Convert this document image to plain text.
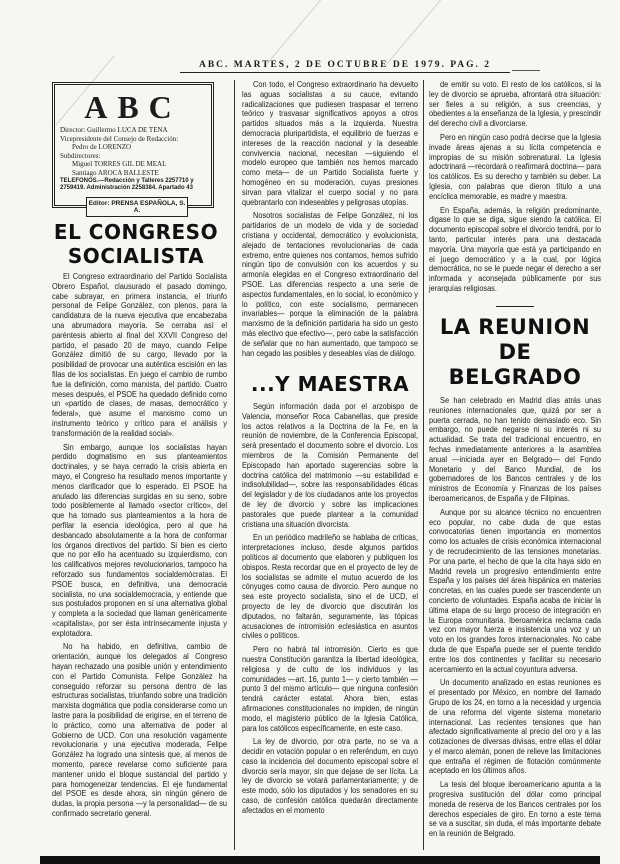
ABC. MARTES, 2 DE OCTUBRE DE 1979. PAG. 2
ABC
Director: Guillermo LUCA DE TENA
Vicepresidente del Consejo de Redacción:
Pedro de LORENZO
Subdirectores:
Miguel TORRES GIL DE MEAL
Santiago AROCA BALLESTE
TELEFONOS.—Redacción y Talleres 2257710 y 2759419. Administración 2258384. Apartado 43
Editor: PRENSA ESPAÑOLA, S. A.
EL CONGRESO
SOCIALISTA

El Congreso extraordinario del Partido Socialista Obrero Español, clausurado el pasado domingo, cabe subrayar, en primera instancia, el triunfo personal de Felipe González, con plenos, para la candidatura de la nueva ejecutiva que encabezaba una abrumadora mayoría. Se cerraba así el paréntesis abierto al final del XXVII Congreso del partido, el pasado 20 de mayo, cuando Felipe González dimitió de su cargo, llevado por la posibilidad de provocar una auténtica escisión en las filas de los socialistas. En juego el cambio de rumbo fue la definición, como marxista, del partido. Cuatro meses después, el PSOE ha quedado definido como un «partido de clases, de masas, democrático y federal», que asume el marxismo como un instrumento teórico y crítico para el análisis y transformación de la realidad social».

Sin embargo, aunque los socialistas hayan perdido dogmatismo en sus planteamientos doctrinales, y se haya cerrado la crisis abierta en mayo, el Congreso ha resultado menos importante y menos clarificador que lo esperado. El PSOE ha anulado las diferencias surgidas en su seno, sobre todo posiblemente al llamado «sector crítico», del que ha tomado sus planteamientos a la hora de perfilar la esencia ideológica, pero al que ha desbancado absolutamente a la hora de conformar los órganos directivos del partido. Si bien es cierto que no por ello ha acentuado su izquierdismo, con los calificativos mejores revolucionarios, tampoco ha reforzado sus fundamentos socialdemócratas. El PSOE busca, en definitiva, una democracia socialista, no una socialdemocracia, y entiende que sus postulados proponen en sí una alternativa global y completa a la sociedad que llaman genéricamente «capitalista», por ser ésta intrínsecamente injusta y explotadora.

No ha habido, en definitiva, cambio de orientación, aunque los delegados al Congreso hayan rechazado una posible unión y entendimiento con el Partido Comunista. Felipe González ha conseguido reforzar su persona dentro de las estructuras socialistas, triunfando sobre una tradición marxista dogmática que podía considerarse como un lastre para la posibilidad de erigirse, en el terreno de lo práctico, como una alternativa de poder al Gobierno de UCD. Con una resolución vagamente revolucionaria y una ejecutiva moderada, Felipe González ha logrado una síntesis que, al menos de momento, parece revelarse como suficiente para mantener unido el bloque sustancial del partido y para homogeneizar tendencias. El eje fundamental del PSOE es desde ahora, sin ningún género de dudas, la propia persona —y la personalidad— de su confirmado secretario general.

Con todo, el Congreso extraordinario ha devuelto las aguas socialistas a su cauce, evitando radicalizaciones que pudiesen traspasar el terreno teórico y trasvasar significativos apoyos a otros partidos situados más a la izquierda. Nuestra democracia pluripartidista, el equilibrio de fuerzas e intereses de la reacción nacional y la deseable convivencia nacional, necesitan —siguiendo el modelo europeo que también nos hemos marcado como meta— de un Partido Socialista fuerte y homogéneo en su moderación, cuyas presiones sirvan para vitalizar el cuerpo social y no para quebrantarlo con indeseables y peligrosas utopías.

Nosotros socialistas de Felipe González, ni los partidarios de un modelo de vida y de sociedad cristiana y occidental, democrático y evolucionista, alejado de tentaciones revolucionarias de cada extremo, entre quienes nos contamos, hemos sufrido ningún tipo de convulsión con los acuerdos y su armonía elegidas en el Congreso extraordinario del PSOE. Las diferencias respecto a una serie de aspectos fundamentales, en lo social, lo económico y lo político, con este socialismo, permanecen invariables— porque la eliminación de la palabra marxismo de la definición partidaria ha sido un gesto más electivo que efectivo—, pero cabe la satisfacción de señalar que no han aumentado, que tampoco se han cegado las posibles y deseables vías de diálogo.

...Y MAESTRA

Según información dada por el arzobispo de Valencia, monseñor Roca Cabanellas, que preside los actos relativos a la Doctrina de la Fe, en la reunión de noviembre, de la Conferencia Episcopal, será presentado el documento sobre el divorcio. Los miembros de la Comisión Permanente del Episcopado han aportado sugerencias sobre la doctrina católica del matrimonio —su estabilidad e indisolubilidad—, sobre las responsabilidades éticas del legislador y de los ciudadanos ante los proyectos de ley de divorcio y sobre las implicaciones pastorales que puede plantear a la comunidad cristiana una situación divorcista.

En un periódico madrileño se hablaba de críticas, interpretaciones incluso, desde algunos partidos políticos al documento que elaboren y publiquen los obispos. Resta recordar que en el proyecto de ley de los socialistas se admite el mutuo acuerdo de los cónyuges como causa de divorcio. Pero aunque no sea este proyecto socialista, sino el de UCD, el proyecto de ley de divorcio que discutirán los diputados, no faltarán, seguramente, las tópicas acusaciones de intromisión eclesiástica en asuntos civiles o políticos.

Pero no habrá tal intromisión. Cierto es que nuestra Constitución garantiza la libertad ideológica, religiosa y de culto de los individuos y las comunidades —art. 16, punto 1— y cierto también —punto 3 del mismo artículo— que ninguna confesión tendrá carácter estatal. Ahora bien, estas afirmaciones constitucionales no impiden, de ningún modo, el magisterio público de la Iglesia Católica, para los católicos específicamente, en este caso.

La ley de divorcio, por otra parte, no se va a decidir en votación popular o en referéndum, en cuyo caso la incidencia del documento episcopal sobre el divorcio sería mayor, sin que dejase de ser lícita. La ley de divorcio se votará parlamentariamente; y de este modo, sólo los diputados y los senadores en su caso, de confesión católica quedarán directamente afectados en el momento

de emitir su voto. El resto de los católicos, si la ley de divorcio se aprueba, afrontará otra situación: ser fieles a su religión, a sus creencias, y obedientes a la enseñanza de la Iglesia, y prescindir del derecho civil a divorciarse.

Pero en ningún caso podrá decirse que la Iglesia invade áreas ajenas a su lícita competencia e impropias de su misión sobrenatural. La Iglesia adoctrinará —recordará o reafirmará doctrina— para los católicos. Es su derecho y también su deber. La Iglesia, con palabras que dieron título a una encíclica memorable, es madre y maestra.

En España, además, la religión predominante, digase lo que se diga, sigue siendo la católica. El documento episcopal sobre el divorcio tendrá, por lo tanto, particular interés para una destacada mayoría. Una mayoría que está ya participando en el juego democrático y a la cual, por lógica democrática, no se le puede negar el derecho a ser informada y aconsejada públicamente por sus jerarquías religiosas.

LA REUNION
DE BELGRADO

Se han celebrado en Madrid días atrás unas reuniones internacionales que, quizá por ser a puerta cerrada, no han tenido demasiado eco. Sin embargo, no puede negarse ni su interés ni su actualidad. Se trata del tradicional encuentro, en fechas inmediatamente anteriores a la asamblea anual —iniciada ayer en Belgrado— del Fondo Monetario y del Banco Mundial, de los gobernadores de los Bancos centrales y de los ministros de Economía y Finanzas de los países iberoamericanos, de España y de Filipinas.

Aunque por su alcance técnico no encuentren eco popular, no cabe duda de que estas convocatorias tienen importancia en momentos como los actuales de crisis económica internacional y de recrudecimiento de las tensiones monetarias. Por una parte, el hecho de que la cita haya sido en Madrid revela un progresivo entendimiento entre España y los países del área hispánica en materias concretas, en las cuales puede ser trascendente un concierto de voluntades. España acaba de iniciar la última etapa de su largo proceso de integración en la Europa comunitaria. Iberoamérica reclama cada vez con mayor fuerza e insistencia una voz y un voto en los grandes foros internacionales. No cabe duda de que España puede ser el puente tendido entre los dos continentes y facilitar su necesario acercamiento en la actual coyuntura adversa.

Un documento analizado en estas reuniones es el presentado por México, en nombre del llamado Grupo de los 24, en torno a la necesidad y urgencia de una reforma del vigente sistema monetario internacional. Las recientes tensiones que han afectado significativamente al precio del oro y a las cotizaciones de diversas divisas, entre ellas el dólar y el marco alemán, ponen de relieve las limitaciones que entraña el régimen de flotación comúnmente aceptado en los últimos años.

La tesis del bloque iberoamericano apunta a la progresiva sustitución del dólar como principal moneda de reserva de los Bancos centrales por los derechos especiales de giro. En torno a este tema se va a suscitar, sin duda, el más importante debate en la reunión de Belgrado.
